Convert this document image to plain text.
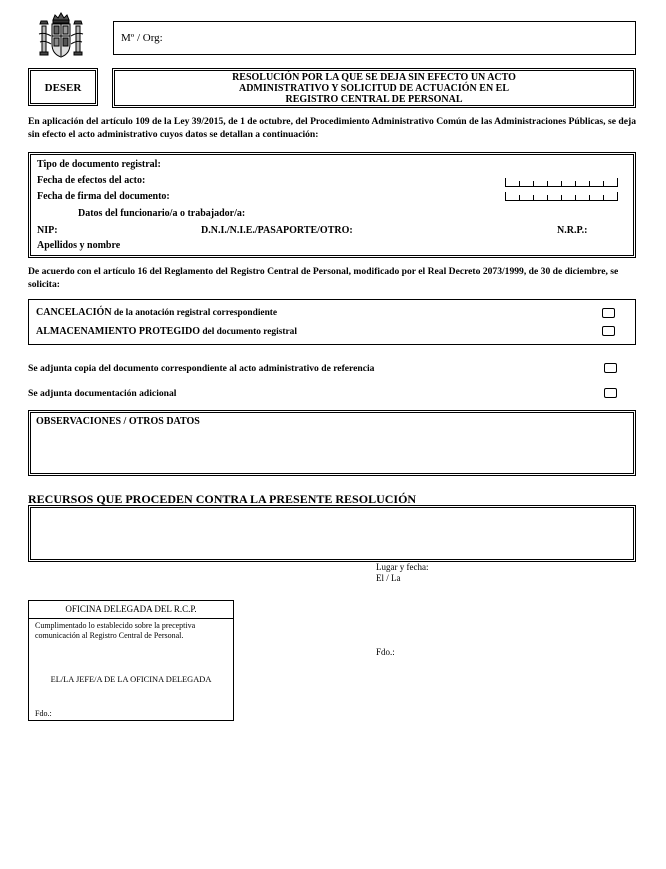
Mº / Org:
DESER
RESOLUCIÓN POR LA QUE SE DEJA SIN EFECTO UN ACTO
ADMINISTRATIVO Y SOLICITUD DE ACTUACIÓN EN EL
REGISTRO CENTRAL DE PERSONAL
En aplicación del artículo 109 de la Ley 39/2015, de 1 de octubre, del Procedimiento Administrativo Común de las Administraciones Públicas, se deja sin efecto el acto administrativo cuyos datos se detallan a continuación:
Tipo de documento registral:
Fecha de efectos del acto:
Fecha de firma del documento:
Datos del funcionario/a o trabajador/a:
NIP:	D.N.I./N.I.E./PASAPORTE/OTRO:	N.R.P.:
Apellidos y nombre
De acuerdo con el artículo 16 del Reglamento del Registro Central de Personal, modificado por el Real Decreto 2073/1999, de 30 de diciembre, se solicita:
CANCELACIÓN de la anotación registral correspondiente
ALMACENAMIENTO PROTEGIDO del documento registral
Se adjunta copia del documento correspondiente al acto administrativo de referencia
Se adjunta documentación adicional
OBSERVACIONES / OTROS DATOS
RECURSOS QUE PROCEDEN CONTRA LA PRESENTE RESOLUCIÓN
Lugar y fecha:
El / La
Fdo.:
OFICINA DELEGADA DEL R.C.P.
Cumplimentado lo establecido sobre la preceptiva comunicación al Registro Central de Personal.
EL/LA JEFE/A DE LA OFICINA DELEGADA
Fdo.:
